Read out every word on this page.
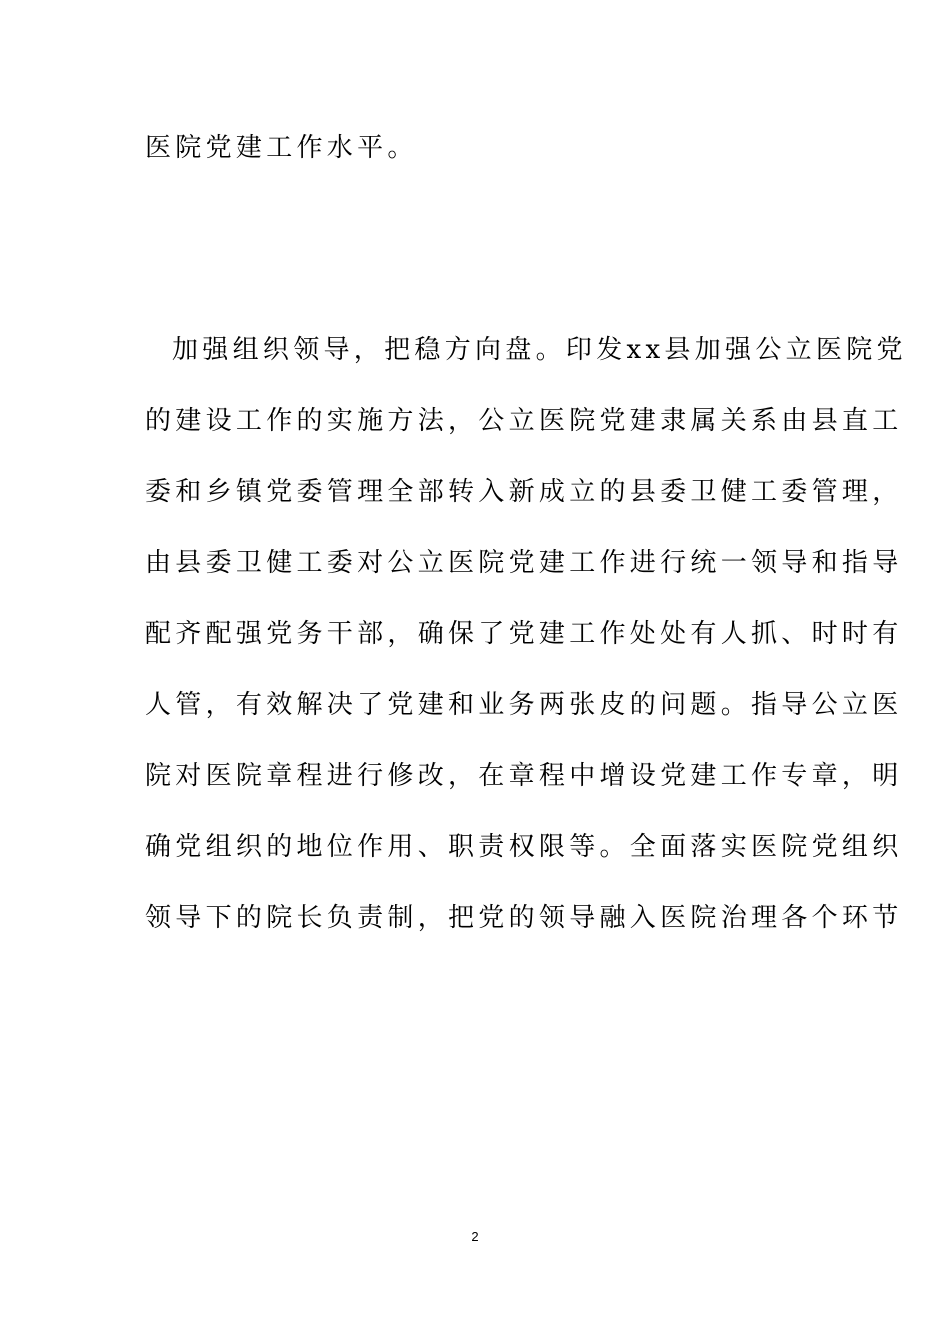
医院党建工作水平。
加强组织领导，把稳方向盘。印发xx县加强公立医院党
的建设工作的实施方法，公立医院党建隶属关系由县直工
委和乡镇党委管理全部转入新成立的县委卫健工委管理，
由县委卫健工委对公立医院党建工作进行统一领导和指导
配齐配强党务干部，确保了党建工作处处有人抓、时时有
人管，有效解决了党建和业务两张皮的问题。指导公立医
院对医院章程进行修改，在章程中增设党建工作专章，明
确党组织的地位作用、职责权限等。全面落实医院党组织
领导下的院长负责制，把党的领导融入医院治理各个环节
2
